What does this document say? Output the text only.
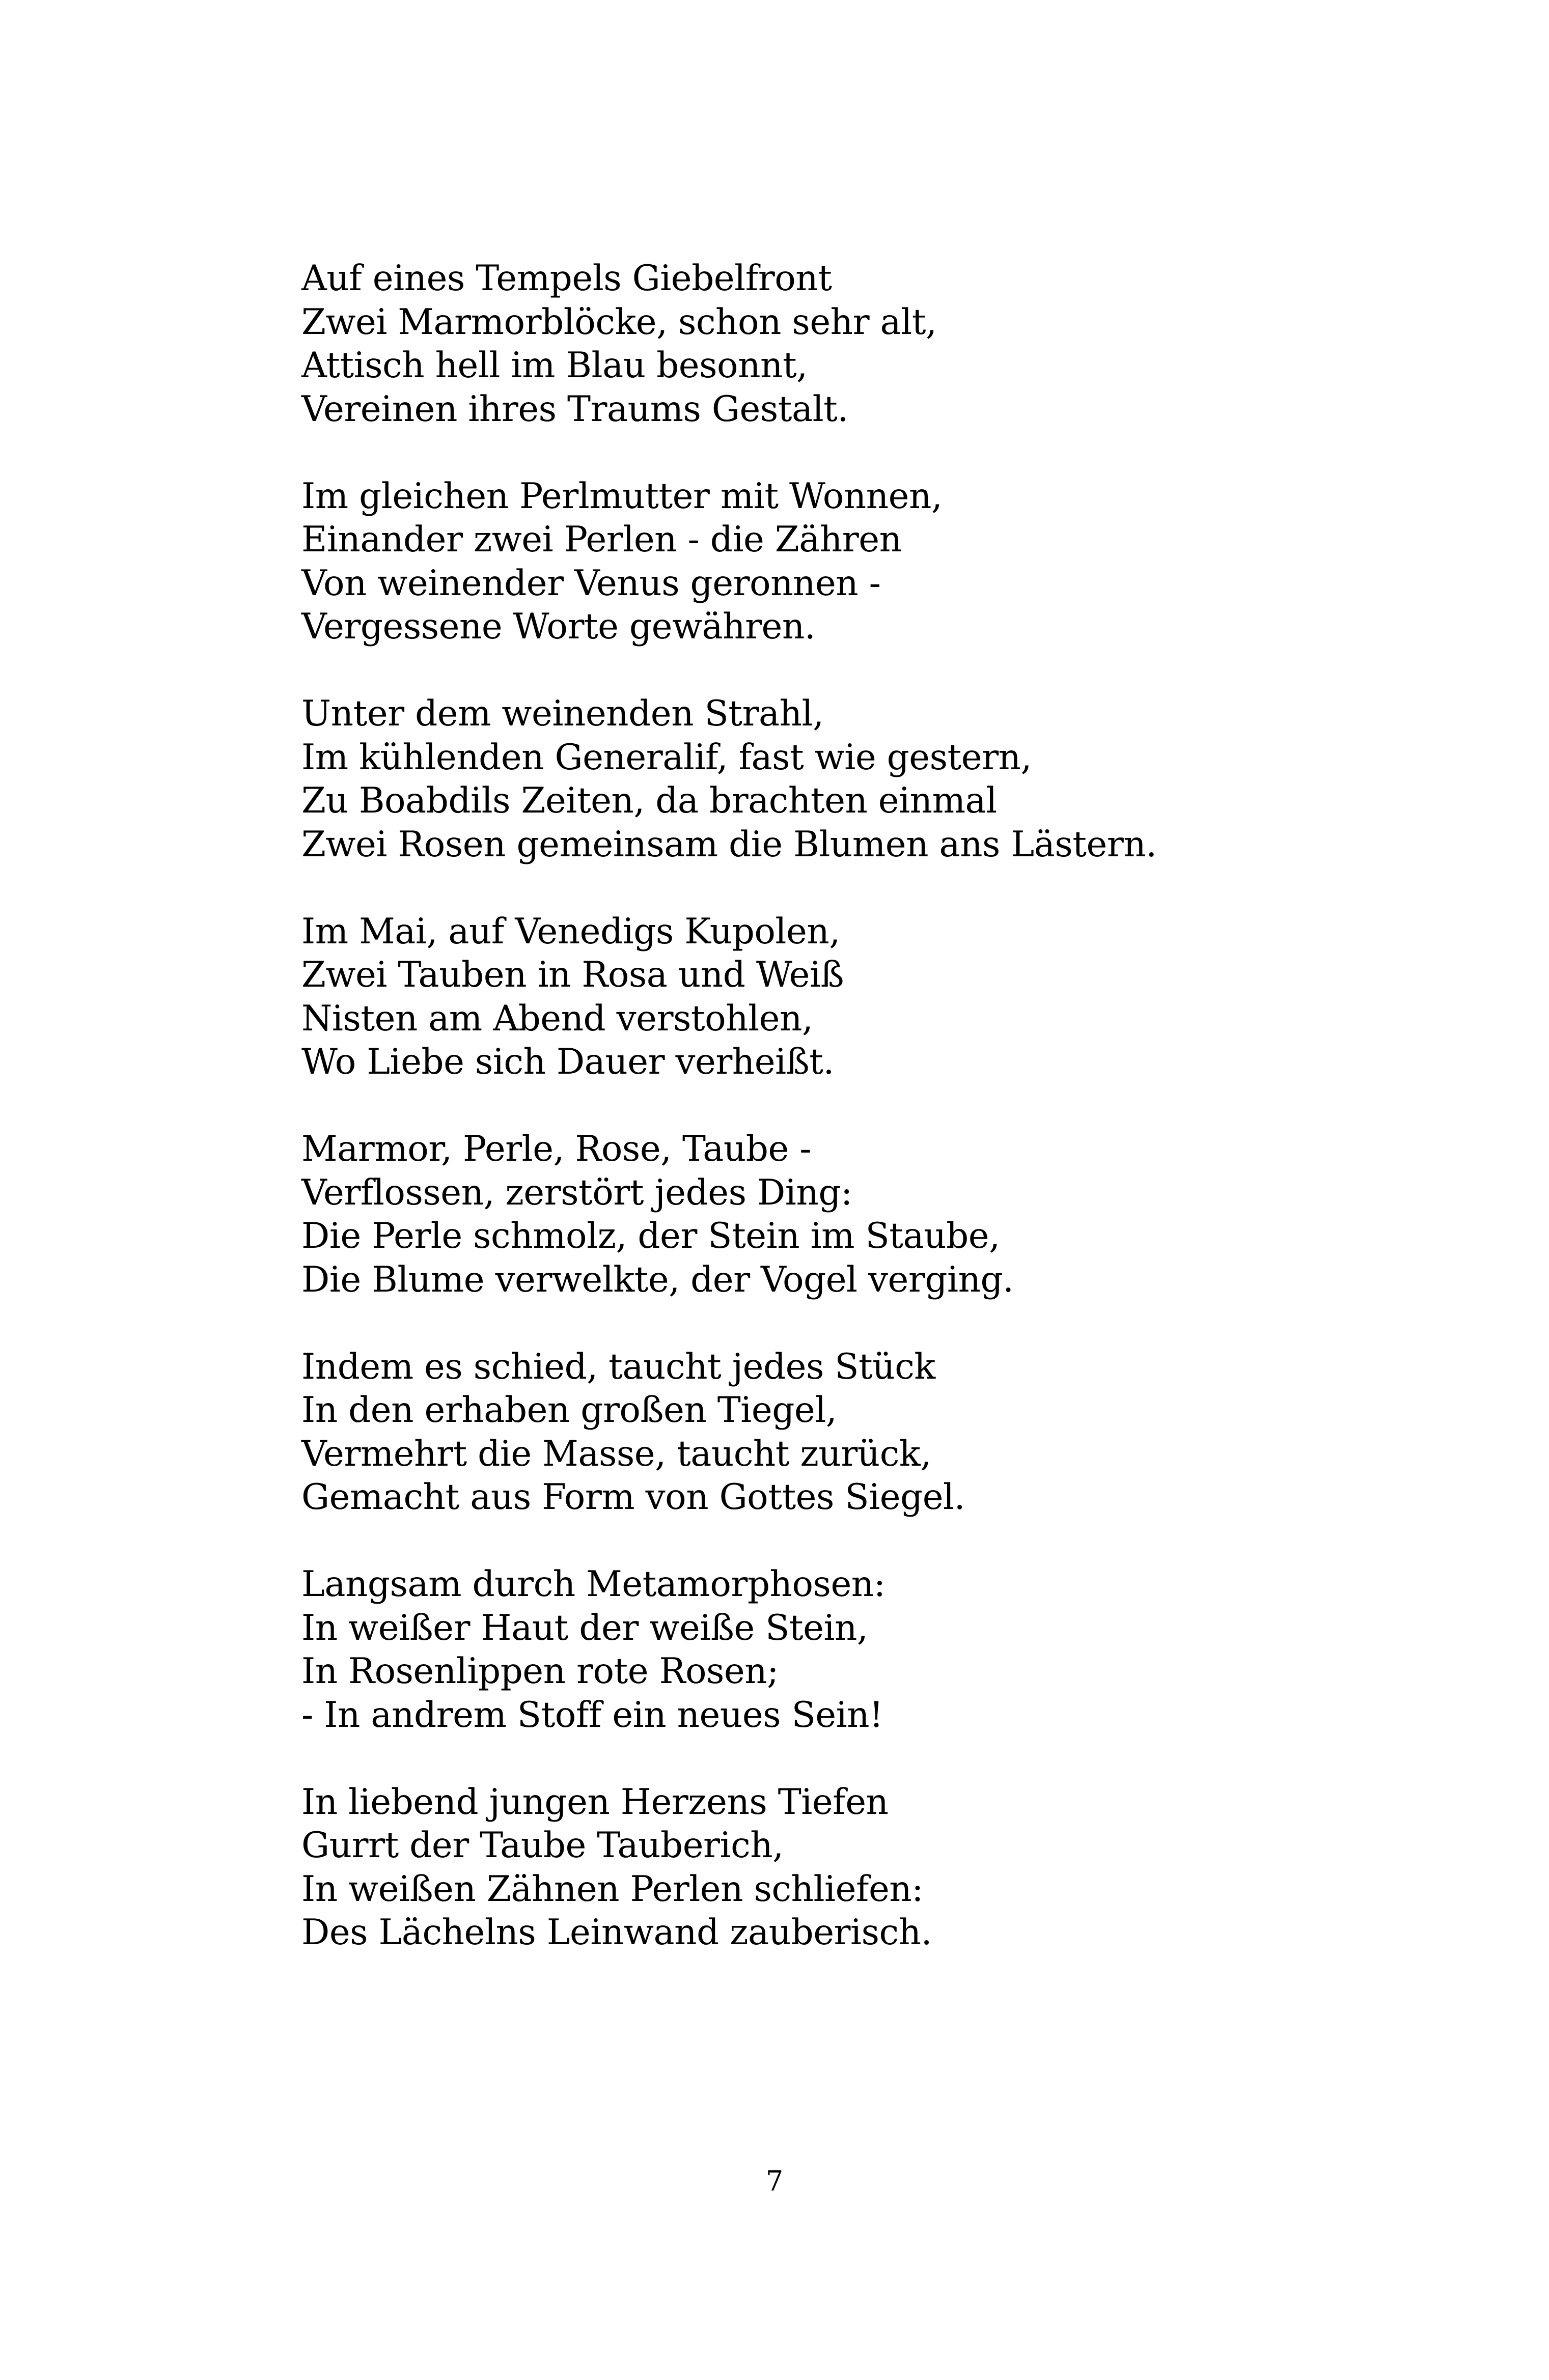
Auf eines Tempels Giebelfront
Zwei Marmorblöcke, schon sehr alt,
Attisch hell im Blau besonnt,
Vereinen ihres Traums Gestalt.
Im gleichen Perlmutter mit Wonnen,
Einander zwei Perlen - die Zähren
Von weinender Venus geronnen -
Vergessene Worte gewähren.
Unter dem weinenden Strahl,
Im kühlenden Generalif, fast wie gestern,
Zu Boabdils Zeiten, da brachten einmal
Zwei Rosen gemeinsam die Blumen ans Lästern.
Im Mai, auf Venedigs Kupolen,
Zwei Tauben in Rosa und Weiß
Nisten am Abend verstohlen,
Wo Liebe sich Dauer verheißt.
Marmor, Perle, Rose, Taube -
Verflossen, zerstört jedes Ding:
Die Perle schmolz, der Stein im Staube,
Die Blume verwelkte, der Vogel verging.
Indem es schied, taucht jedes Stück
In den erhaben großen Tiegel,
Vermehrt die Masse, taucht zurück,
Gemacht aus Form von Gottes Siegel.
Langsam durch Metamorphosen:
In weißer Haut der weiße Stein,
In Rosenlippen rote Rosen;
- In andrem Stoff ein neues Sein!
In liebend jungen Herzens Tiefen
Gurrt der Taube Tauberich,
In weißen Zähnen Perlen schliefen:
Des Lächelns Leinwand zauberisch.
7
